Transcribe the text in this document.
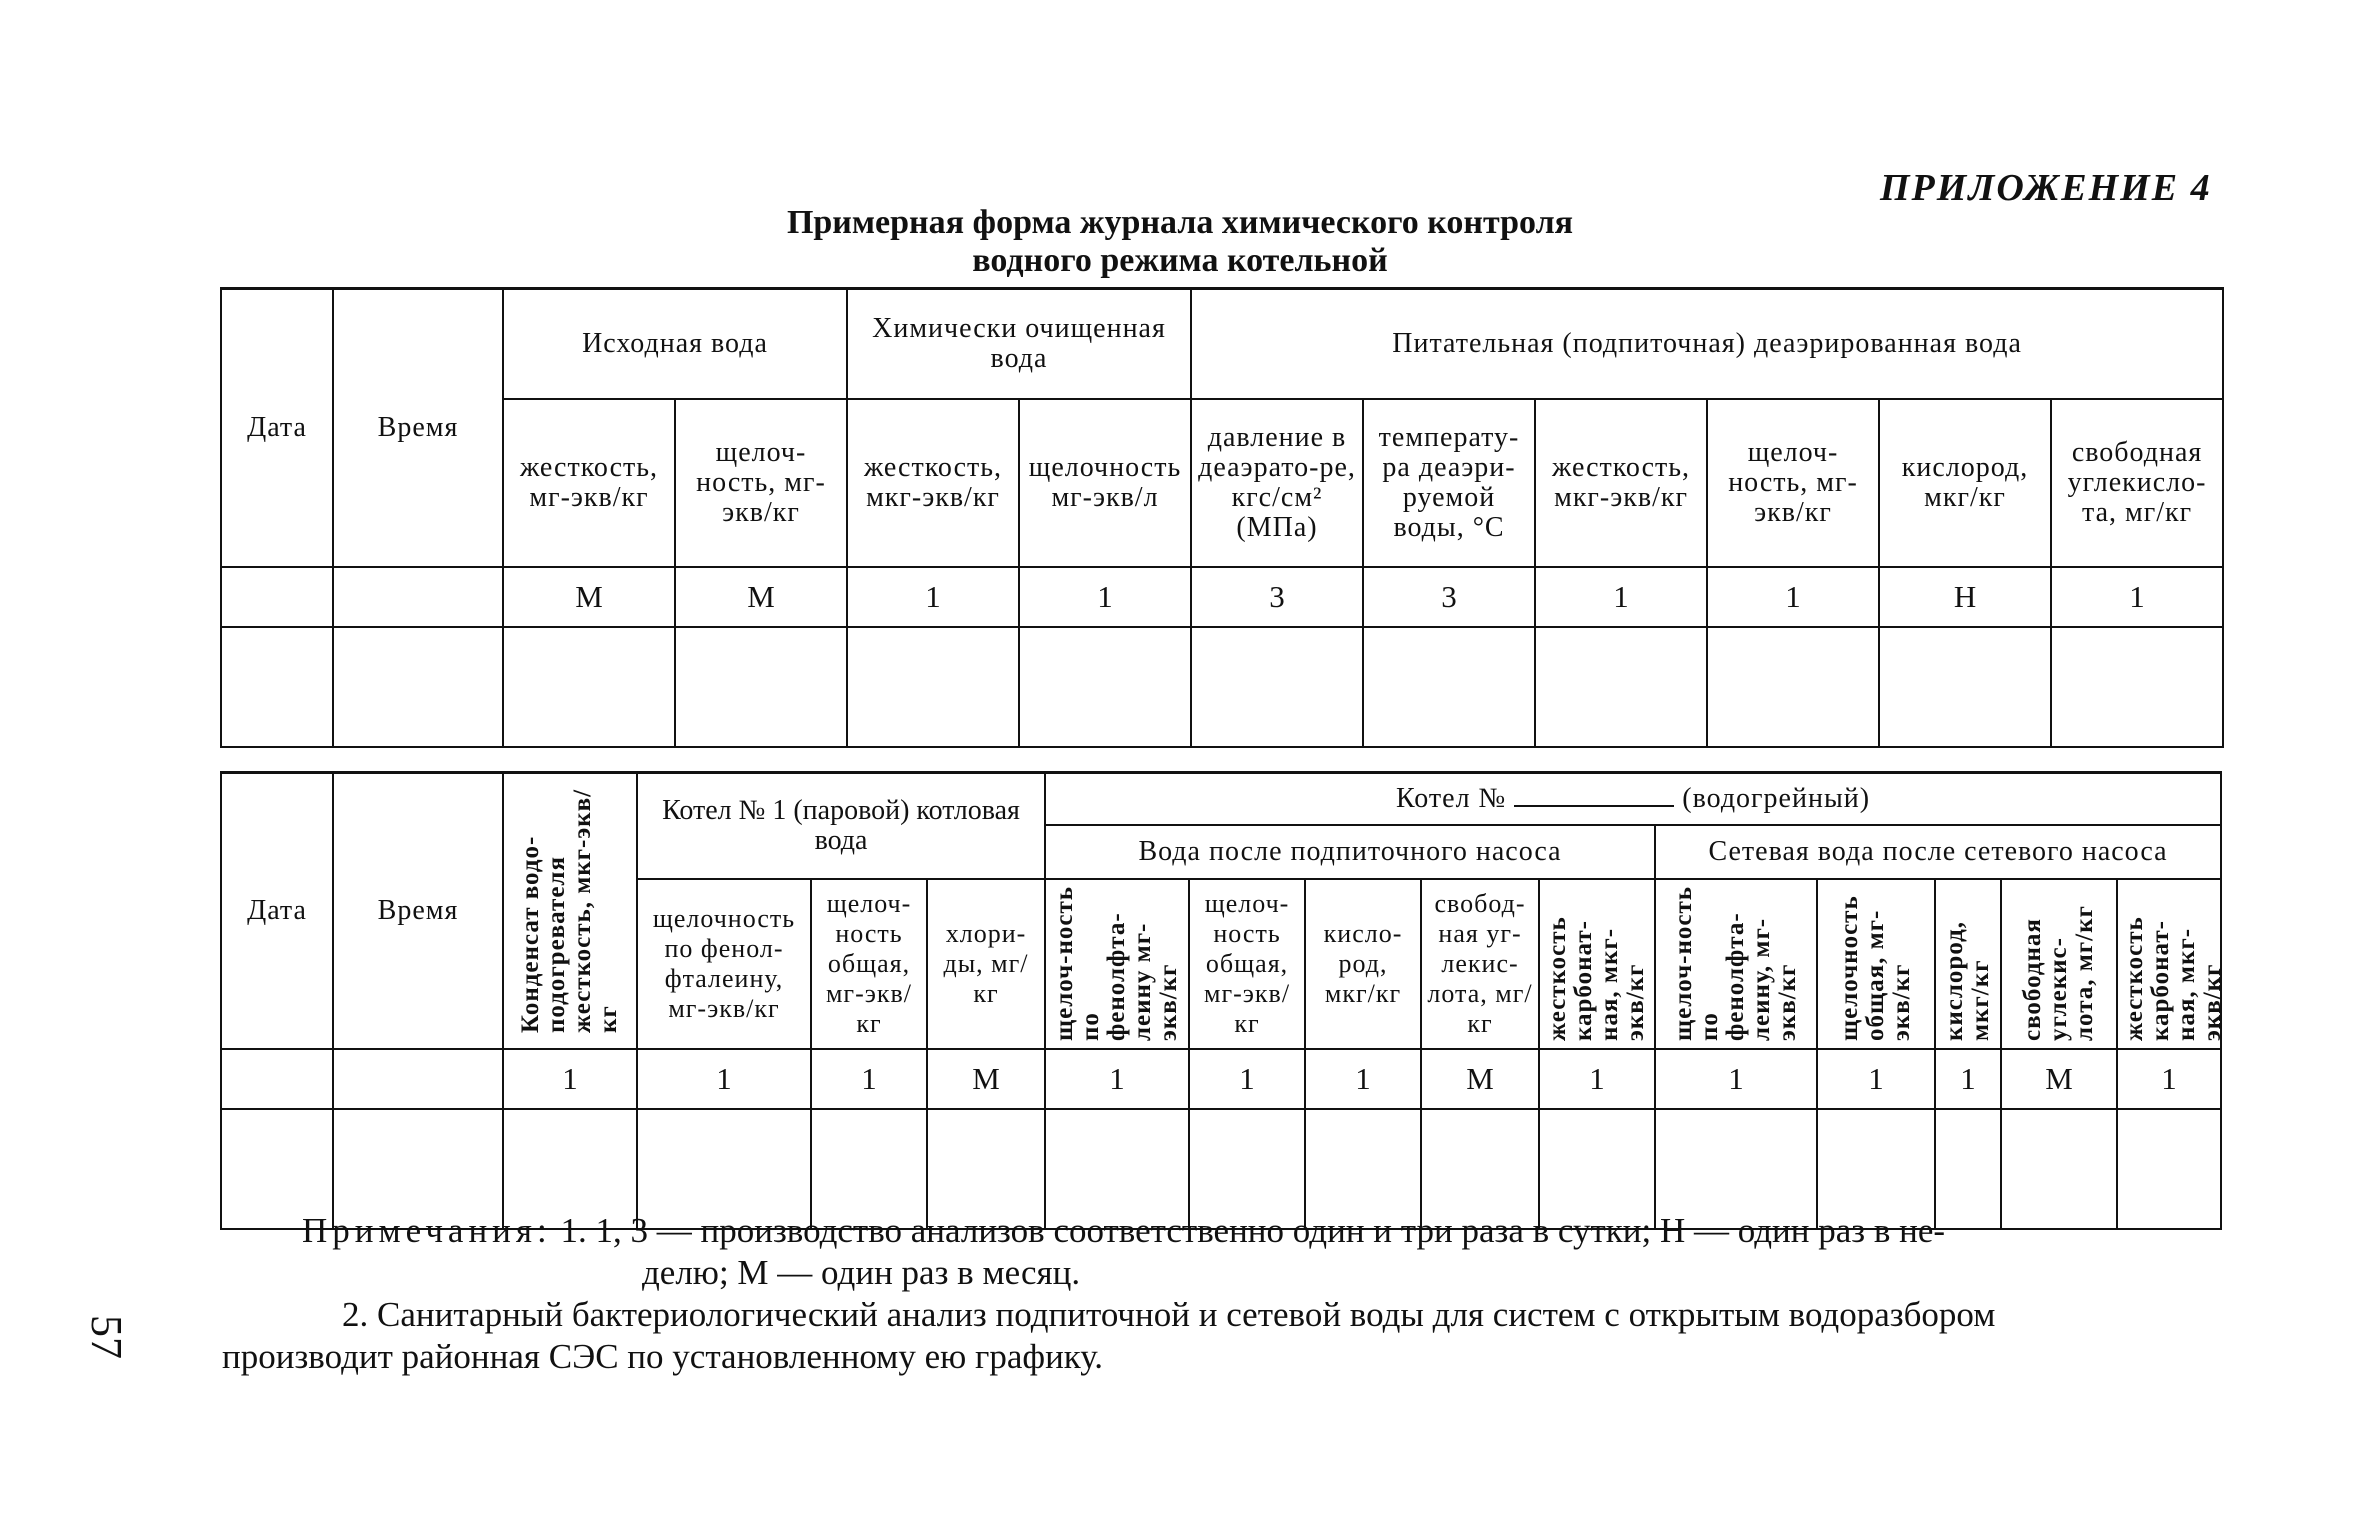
ПРИЛОЖЕНИЕ 4
Примерная форма журнала химического контроля
водного режима котельной
57
Дата	Время	Исходная вода		Химически очищенная вода		Питательная (подпиточная) деаэрированная вода					
		жесткость, мг-экв/кг	щелоч-ность, мг-экв/кг	жесткость, мкг-экв/кг	щелочность мг-экв/л	давление в деаэрато-ре, кгс/см² (МПа)	температу-ра деаэри-руемой воды, °С	жесткость, мкг-экв/кг	щелоч-ность, мг-экв/кг	кислород, мкг/кг	свободная углекисло-та, мг/кг
		М	М	1	1	3	3	1	1	Н	1

Дата	Время	Конденсат водо-подогревателя жесткость, мкг-экв/кг	Котел № 1 (паровой) котловая вода			Котел № (водогрейный)									
						Вода после подпиточного насоса					Сетевая вода после сетевого насоса				
			щелочность по фенол-фталеину, мг-экв/кг	щелоч-ность общая, мг-экв/кг	хлори-ды, мг/кг	щелоч-ность по фенолфта-леину мг-экв/кг	щелоч-ность общая, мг-экв/кг	кисло-род, мкг/кг	свобод-ная уг-лекис-лота, мг/кг	жесткость карбонат-ная, мкг-экв/кг	щелоч-ность по фенолфта-леину, мг-экв/кг	щелочность общая, мг-экв/кг	кислород, мкг/кг	свободная углекис-лота, мг/кг	жесткость карбонат-ная, мкг-экв/кг
		1	1	1	М	1	1	1	М	1	1	1	1	М	1

Примечания: 1. 1, 3 — производство анализов соответственно один и три раза в сутки; Н — один раз в не-

делю; М — один раз в месяц.

2. Санитарный бактериологический анализ подпиточной и сетевой воды для систем с открытым водоразбором

производит районная СЭС по установленному ею графику.
